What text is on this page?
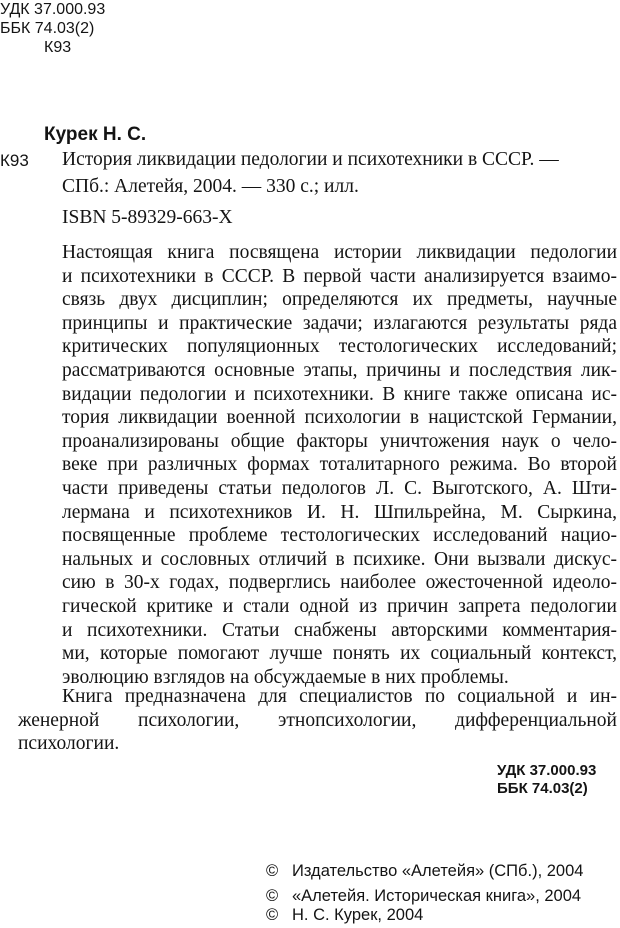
УДК 37.000.93
ББК 74.03(2)
К93
Курек Н. С.
К93 История ликвидации педологии и психотехники в СССР. —
СПб.: Алетейя, 2004. — 330 с.; илл.
ISBN 5-89329-663-X
Настоящая книга посвящена истории ликвидации педологии
и психотехники в СССР. В первой части анализируется взаимо-
связь двух дисциплин; определяются их предметы, научные
принципы и практические задачи; излагаются результаты ряда
критических популяционных тестологических исследований;
рассматриваются основные этапы, причины и последствия лик-
видации педологии и психотехники. В книге также описана ис-
тория ликвидации военной психологии в нацистской Германии,
проанализированы общие факторы уничтожения наук о чело-
веке при различных формах тоталитарного режима. Во второй
части приведены статьи педологов Л. С. Выготского, А. Шти-
лермана и психотехников И. Н. Шпильрейна, М. Сыркина,
посвященные проблеме тестологических исследований нацио-
нальных и сословных отличий в психике. Они вызвали дискус-
сию в 30-х годах, подверглись наиболее ожесточенной идеоло-
гической критике и стали одной из причин запрета педологии
и психотехники. Статьи снабжены авторскими комментария-
ми, которые помогают лучше понять их социальный контекст,
эволюцию взглядов на обсуждаемые в них проблемы.
Книга предназначена для специалистов по социальной и ин-
женерной психологии, этнопсихологии, дифференциальной
психологии.
УДК 37.000.93
ББК 74.03(2)
© Издательство «Алетейя» (СПб.), 2004
© «Алетейя. Историческая книга», 2004
© Н. С. Курек, 2004
